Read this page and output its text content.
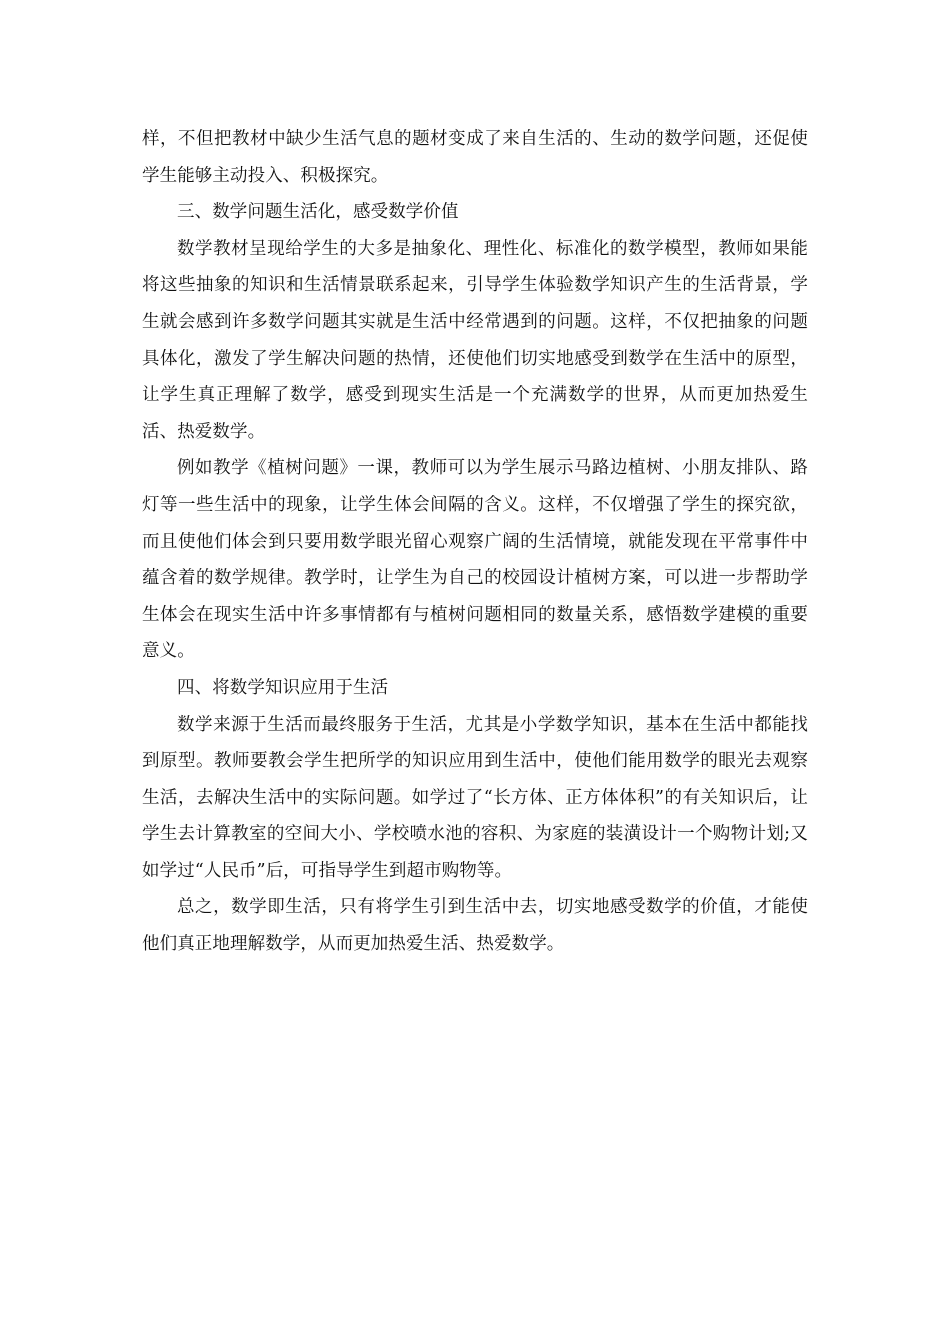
样，不但把教材中缺少生活气息的题材变成了来自生活的、生动的数学问题，还促使学生能够主动投入、积极探究。

三、数学问题生活化，感受数学价值

数学教材呈现给学生的大多是抽象化、理性化、标准化的数学模型，教师如果能将这些抽象的知识和生活情景联系起来，引导学生体验数学知识产生的生活背景，学生就会感到许多数学问题其实就是生活中经常遇到的问题。这样，不仅把抽象的问题具体化，激发了学生解决问题的热情，还使他们切实地感受到数学在生活中的原型，让学生真正理解了数学，感受到现实生活是一个充满数学的世界，从而更加热爱生活、热爱数学。

例如教学《植树问题》一课，教师可以为学生展示马路边植树、小朋友排队、路灯等一些生活中的现象，让学生体会间隔的含义。这样，不仅增强了学生的探究欲，而且使他们体会到只要用数学眼光留心观察广阔的生活情境，就能发现在平常事件中蕴含着的数学规律。教学时，让学生为自己的校园设计植树方案，可以进一步帮助学生体会在现实生活中许多事情都有与植树问题相同的数量关系，感悟数学建模的重要意义。

四、将数学知识应用于生活

数学来源于生活而最终服务于生活，尤其是小学数学知识，基本在生活中都能找到原型。教师要教会学生把所学的知识应用到生活中，使他们能用数学的眼光去观察生活，去解决生活中的实际问题。如学过了“长方体、正方体体积”的有关知识后，让学生去计算教室的空间大小、学校喷水池的容积、为家庭的装潢设计一个购物计划;又如学过“人民币”后，可指导学生到超市购物等。

总之，数学即生活，只有将学生引到生活中去，切实地感受数学的价值，才能使他们真正地理解数学，从而更加热爱生活、热爱数学。
